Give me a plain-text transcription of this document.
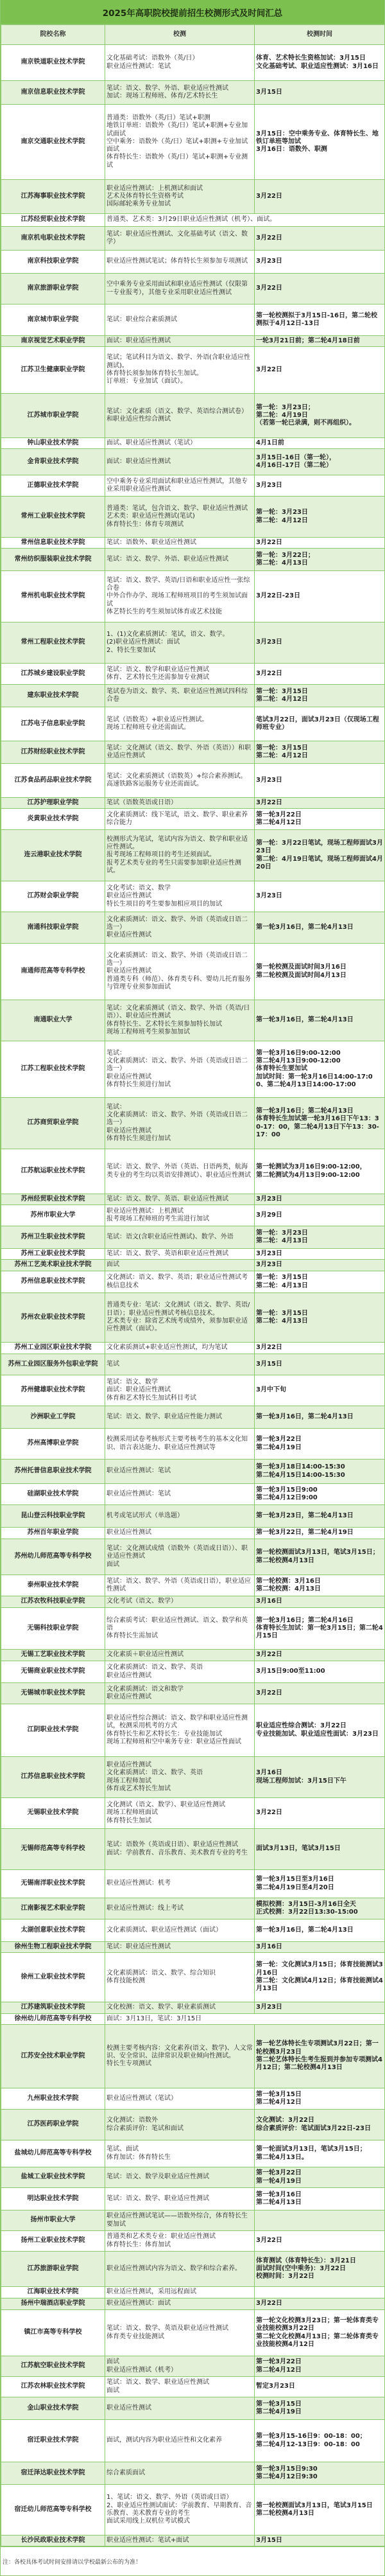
2025年高职院校提前招生校测形式及时间汇总
院校名称	校测	校测时间
南京铁道职业技术学院	文化基础考试：语数外（英/日）
职业适应性测试：笔试	体育、艺术特长生资格加试：3月15日
文化基础考试、职业适应性测试：3月16日

南京信息职业技术学院	笔试：语文、数学、外语、职业适应性测试
加试：现场工程师班、体育/艺术特长生	3月15日

南京交通职业技术学院	普通类：语数外（英/日）笔试+职测
地铁订单班：语数外（英/日）笔试+职测+专业加试面试
空中乘务：语数外（英/日）笔试+职测+专业加试面试
体育特长生：语数外（英/日）笔试+职测+专业测试	3月15日：空中乘务专业、体育特长生、地铁订单班等加试
3月16日：语数外、职测

江苏海事职业技术学院	职业适应性测试：上机测试和面试
艺术及体育特长生资格考试
国际邮轮乘务专业加试	3月22日

江苏经贸职业技术学院	普通类、艺术类：3月29日职业适应性测试（机考）、面试。	

南京机电职业技术学院	笔试：职业适应性测试、文化基础考试（语文、数学）	3月22日

南京科技职业学院	职业适应性测试笔试；体育特长生须参加专项测试	3月23日

南京旅游职业学院	空中乘务专业采用面试和职业适应性测试（仅限第一专业报考），其他专业采用职业适应性测试	3月22日

南京城市职业学院	笔试：职业综合素质测试	第一轮校测拟于3月15日-16日，第二轮校测拟于4月12日-13日

南京视觉艺术职业学院	面试：职业适应性测试	一轮3月21日前；第二轮4月18日前

江苏卫生健康职业学院	笔试；笔试科目为语文、数学、外语(含职业适应性测试)。
体育特长须参加体育特长生加试。
订单班：专业加试（面试）。	3月22日

江苏城市职业学院	笔试：文化素质（语文、数学、英语综合测试卷）和职业适应性综合测试	第一轮：3月23日；
第二轮：4月19日
（若第一轮已录满，则不再组织）。

钟山职业技术学院	面试、职业适应性测试（笔试）	4月1日前

金肯职业技术学院	面试：职业适应性测试	3月15日-16日（第一轮），
4月16日-17日（第二轮）

正德职业技术学院	空中乘务专业采用面试和职业适应性测试，其他专业采用职业适应性测试	3月23日

常州工业职业技术学院	普通类：笔试，包含语文、数学、职业适应性测试
艺术类：职业适应性测试(笔试)
体育特长生：体育专项测试	第一轮：3月23日
第二轮：4月12日

常州信息职业技术学院	笔试：语数外、职业适应性测试	3月22日

常州纺织服装职业技术学院	笔试：语文、数学、外语、职业适应性测试	第一轮：3月22日；
第二轮：4月13日

常州机电职业技术学院	笔试：语文、数学、英语/日语和职业适应性一张综合卷
中外合作办学、现场工程师班项目的考生须加试面试
体艺特长生的考生须加试体育或艺术技能	3月22日-23日

常州工程职业技术学院	1、(1)文化素质测试：笔试，语文、数学。
(2)职业适应性测试：面试
2、特长生要加试	3月23日

江苏城乡建设职业学院	笔试：语文、数学和职业适应性测试
体育、艺术特长生还需参加专业测试	3月22日

建东职业技术学院	笔试卷为语文、数学、英、职业适应性测试四科综合卷	第一轮：3月15日
第二轮：4月12日

江苏电子信息职业学院	笔试（语数英）+职业适应性测试。
现场工程师班专业还需面试。	笔试3月22日，面试3月23日（仅现场工程师班专业）

江苏财经职业技术学院	笔试：文化测试（语文、数学、外语（英语））和职业适应性测试	第一轮：3月15日
第二轮：4月12日

江苏食品药品职业技术学院	笔试：文化素质测试（语数英）+综合素养测试。
高速铁路客运服务专业还需面试。	3月23日

江苏护理职业学院	笔试（语数英语或日语）	3月22日

炎黄职业技术学院	文化素质测试：线下笔试，语文、数学、职业素养综合能力	第一轮3月22日
第二轮4月12日

连云港职业技术学院	校测形式为笔试，笔试内容为语文、数学和职业适应性测试。
报考现场工程师项目的考生还须面试。
报考艺术类专业的考生只需要参加职业适应性测试。	第一轮：3月22日笔试，现场工程师面试3月23日
第二轮：4月19日笔试，现场工程师面试4月20日

江苏财会职业学院	文化考试：语文、数学
职业适应性测试
特长生项目的考生要参加相应项目的加试	3月23日

南通科技职业学院	文化素质测试：语文、数学、外语（英语或日语二选一）
职业适应性测试	第一轮3月16日，第二轮4月13日

南通师范高等专科学校	文化素质测试：语文、数学、外语（英语或日语二选一）
职业适应性测试
普通类专科（师范）、体育类专科、婴幼儿托育服务与管理专业须参加面试	第一轮校测及面试时间3月16日
第二轮校测及面试时间4月13日

南通职业大学	笔试：文化素质测试（语文、数学、外语（英语/日语））、职业适应性测试
体育特长生、艺术特长生须参加特长加试
现场工程师班考生须参加加试	第一轮3月16日，第二轮4月13日

江苏工程职业技术学院	笔试：
文化素质测试：语文、数学、外语（英语或日语二选一）
职业适应性测试
体育特长生须进行加试	第一轮3月16日9:00-12:00
第二轮4月13日9:00-12:00
体育特长生要加试
加试时间：第一轮3月16日14:00-17:00、第二轮4月13日14:00-17:00

江苏商贸职业学院	笔试：
文化素质测试：语文、数学、外语（英语或日语二选一）
职业适应性测试
体育特长生须进行加试	第一轮3月16日；第二轮4月13日
体育特长生加试第一轮3月16日下午13：30-17：00，第二轮4月13日下午13：30-17：00

江苏航运职业技术学院	笔试：语文、数学、外语（英语、日语两类，航海类专业的考生均以英语安排测试）、职业适应性测试	第一轮测试为3月16日9:00-12:00，
第二轮测试为4月13日9:00-12:00

苏州经贸职业技术学院	笔试：语文、数学、英语、职业适应性测试	3月23日

苏州市职业大学	职业适应性测试：上机测试
报考现场工程师班的考生需进行加试	3月29日

苏州卫生职业技术学院	笔试：语文(含职业适应性测试)、数学、外语	第一轮：3月23日
第二轮：4月13日

苏州工业职业技术学院	笔试：语文、数学、英语和职业适应性测试	3月23日

苏州工艺美术职业技术学院	面试	3月23日

苏州信息职业技术学院	文化测试：语文、数学、英语；职业适应性测试考核信息技术	第一轮：3月15日
第二轮：4月13日

苏州农业职业技术学院	普通类专业：笔试：文化测试（语文、数学、英语/日语）；职业适应性测试考核信息技术。
艺术类专业：除省艺术统考成绩外，须参加职业适应性测试（面试）。	第一轮：3月15日
第二轮：4月13日

苏州工业园区职业技术学院	文化素质测试+职业适应性测试，均为笔试	3月22日

苏州工业园区服务外包职业学院	笔试	3月15日

苏州健雄职业技术学院	笔试：语文、数学
面试：职业适应性测试
体育和艺术特长生加试科目考试	3月中下旬

沙洲职业工学院	笔试：语文、数学、职业适应性能力测试	第一轮3月16日，第二轮4月13日

苏州高博职业学院	校测采用试卷考核形式主要考核考生的基本文化知识、语言表达能力、职业适应性测试等	第一轮3月22日
第二轮4月19日

苏州托普信息职业技术学院	职业适应性测试：笔试	第一轮3月18日14:00-15:30
第二轮4月15日14:00-15:30

硅湖职业技术学院	职业适应性测试：笔试	第一轮3月15日9:00
第二轮4月12日9:00

昆山登云科技职业学院	机考或笔试形式（单选题）	第一轮3月23日，第二轮4月13日

苏州百年职业学院	职业适应性测试	第一轮3月22日，第二轮4月19日

苏州幼儿师范高等专科学校	笔试：文化测试成绩（语数外（英语或日语））、职业适应性测试
面试	第一轮校测面试3月13日，笔试3月15日；第二轮校测4月13日

泰州职业技术学院	笔试：语文、数学、外语（英语或日语），职业适应性测试	第一轮校测：3月16日
第二轮校测：4月13日

江苏农牧科技职业学院	文化考试（语文、数学）	3月16日

无锡科技职业学院	综合素质考试：职业适应性测试、语文、数学和英语
体育特长生需加试	第一轮3月16日；第二轮4月16日
体育特长生加试：第一轮3月15日；第二轮4月15日

无锡工艺职业技术学院	文化素质＋职业适应性测试	3月22日

无锡商业职业技术学院	文化素质测试：语文、数学、英语
职业适应性测试	3月15日9:00至11:00

无锡城市职业技术学院	文化素质测试：语文和数学
职业适应性测试	3月22日

江阴职业技术学院	职业适应性综合测试：语文、数学和职业适应性测试，校测采用机考的方式
体育特长生和艺术特长生：专业技能加试
现场工程师班和空中乘务专业：职业适应性面试	职业适应性综合测试：3月22日
专业技能加试、职业适应性面试：3月23日

江苏信息职业技术学院	职业适应性测试
文化素质测试：语文、数学、英语
现场工程师加试
体育或艺术特长生加试	3月16日
现场工程师加试：3月15日下午

无锡职业技术学院	文化测试（语文、数学）、职业适应性测试
现场工程师班面试
体育特长生加试	3月22日

无锡师范高等专科学校	笔试：语数外（英语或日语）、职业适应性测试
面试：学前教育、音乐教育、美术教育专业的考生	面试3月13日，笔试3月15日

无锡南洋职业技术学院	职业适应性测试：机考	第一轮3月15日至3月16日
第二轮4月19日至4月20日

江南影视艺术职业学院	职业适应性测试：线上考试	模拟校测：3月15日-3月16日全天
正式校测：3月22日13:30-15:00

太湖创意职业技术学院	文化素质测试、职业适应性测试（面试）	第一轮3月16日，第二轮4月13日

徐州生物工程职业技术学院	笔试：职业适应性测试	3月16日

徐州工业职业技术学院	文化素质测试：语文、数学、综合知识
体育技能校测	第一轮：文化测试3月15日；体育技能测试3月16日
第二轮：文化测试4月12日；体育技能测试4月13日

江苏建筑职业技术学院	文化校测：语文、数学、职业素质测试	3月23日

徐州幼儿师范高等专科学校	面试：3月13日，笔试：3月15日	

江苏安全技术职业学院	校测主要考核内容：文化素养(语文、数学)、人文常识、安全常识、法律常识及职业倾向性测试。
特长生专项测试	第一轮艺体特长生专项测试3月22日；第一轮校测3月23日
第二轮艺体特长生考生报到并参加专项测试4月12日；第二轮校测4月13日

九州职业技术学院	职业适应性测试（笔试）	第一轮3月15日
第二轮4月12日

江苏医药职业学院	文化测试：语数外
综合素质评价：笔试和面试	文化测试：3月22日
综合素质评价：笔试面试3月22日-23日

盐城幼儿师范高等专科学校	笔试、面试
体育加试：体育特长生	第一轮面试3月13日，笔试3月15日；
第二轮4月13日。

盐城工业职业技术学院	笔试：语文、数学及职业适应性测试	第一轮3月22日
第一轮4月19日

明达职业技术学院	笔试：语文、数学、职业适应性测试	第一轮3月16日
第二轮4月13日

扬州市职业大学	职业适应性测试笔试——语数外综合，体育特长生要加试	

扬州工业职业技术学院	普通类和艺术类专业：职业适应性测试
体育特长生：体育加试	3月22日

江苏旅游职业学院	职业适应性测试内容为语文、数学和综合素养。	体育测试（体育特长生）：3月21日
面试时间(空中乘务)：3月22日
校测时间：3月22日

江海职业技术学院	职业适应性测试，采用远程面试	

扬州中瑞酒店职业学院	职业适应性测试：面试	3月22日

镇江市高等专科学校	笔试：语文、数学、英语及职业适应性测试
体育类专业技能测试	第一轮文化校测3月23日；第一轮体育类专业技能校测3月22日
第二轮文化校测4月13日；第二轮体育类专业技能校测4月12日

江苏航空职业技术学院	面试
职业适应性测试（机考）	第一轮3月22日
第二轮4月12日

江苏农林职业技术学院	笔试：语文、数学、职业适应性测试
面试	暂定3月23日

金山职业技术学院	职业适应性测试	第一轮3月15日
第二轮4月19日

宿迁职业技术学院	面试，测试内容为职业适应性和文化素养	第一轮3月15-16日9：00-18：00；
第二轮4月12-13日9：00-18：00

宿迁泽达职业技术学院	综合素质面试	第一轮3月15日9:30
第二轮4月12日9:30

宿迁幼儿师范高等专科学校	1、笔试：语文、数学、外语（英语或日语）
2、职业适应性测试面试：学前教育、早期教育、音乐教育、美术教育专业的考生
面试采用线上双机位考试模式	第一轮校测面试3月13日，笔试3月15日
第二轮校测4月13日

长沙民政职业技术学院	职业适应性测试：笔试+面试	3月15日
注：各校具体考试时间安排请以学校最新公布的为准！
